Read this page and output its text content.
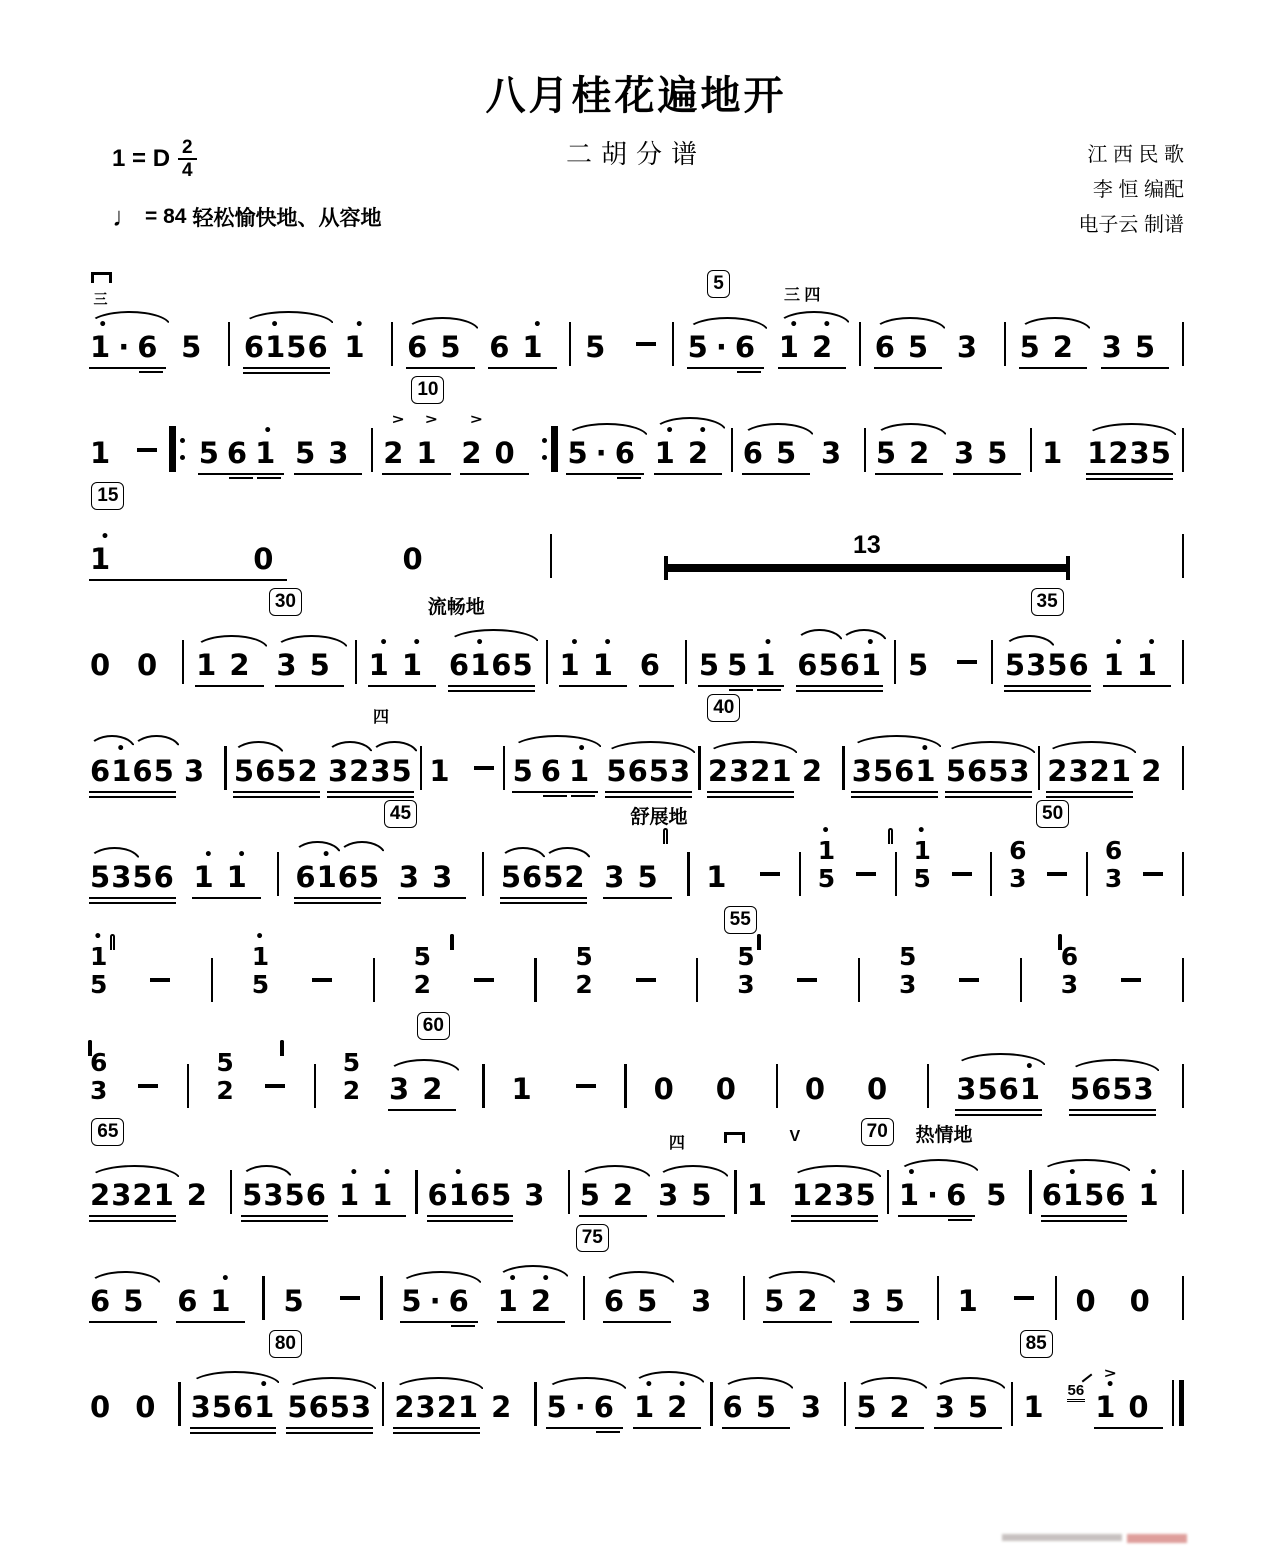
八月桂花遍地开
二胡分谱
1 = D $\frac{2}{4}$
♩ = 84 轻松愉快地、从容地
江 西 民 歌
李 恒 编配
电子云 制谱
三
5
三 四
1
•
·6 5 61
•
56 1
•
65 61
•
5 5·6 1
•
2
•
65 3 52 35
10
1	561
•
53 2
>
1
>
2
>
0 5·6 1
•
2
•
65 3 52 35 1 1235
15
1
•
0	0	13
30	流畅地	35
0 0 12 35 1
•
1
•
61
•
65 1
•
1
•
6 551
•
6561
•
5 5356 1
•
1
•
四	40
61
•
65 3 5652 3235 1 561
•
5653 2321 2 3561
•
5653 2321 2
45	舒展地	50
5356 1
•
1
•
61
•
65 33 5652 35 1
1
•
5
1
•
5
6
3
6
3
55
1
•
5
1
•
5
5
2
5
2
5
3
5
3
6
3
60
6
3
5
2
5
2 32 1	0 0 0 0 3561
•
5653
65
四	V	70	热情地
2321 2 5356 1
•
1
•
61
•
65 3 52 35 1 1235 1
•
·6 5 61
•
56 1
•
75
65 61
•
5	5·6 1
•
2
•
65 3 52 35 1	0 0
80	85
0 0 3561
•
5653 2321 2 5·6 1
•
2
•
65 3 52 35 1 56 1
•
>
0
